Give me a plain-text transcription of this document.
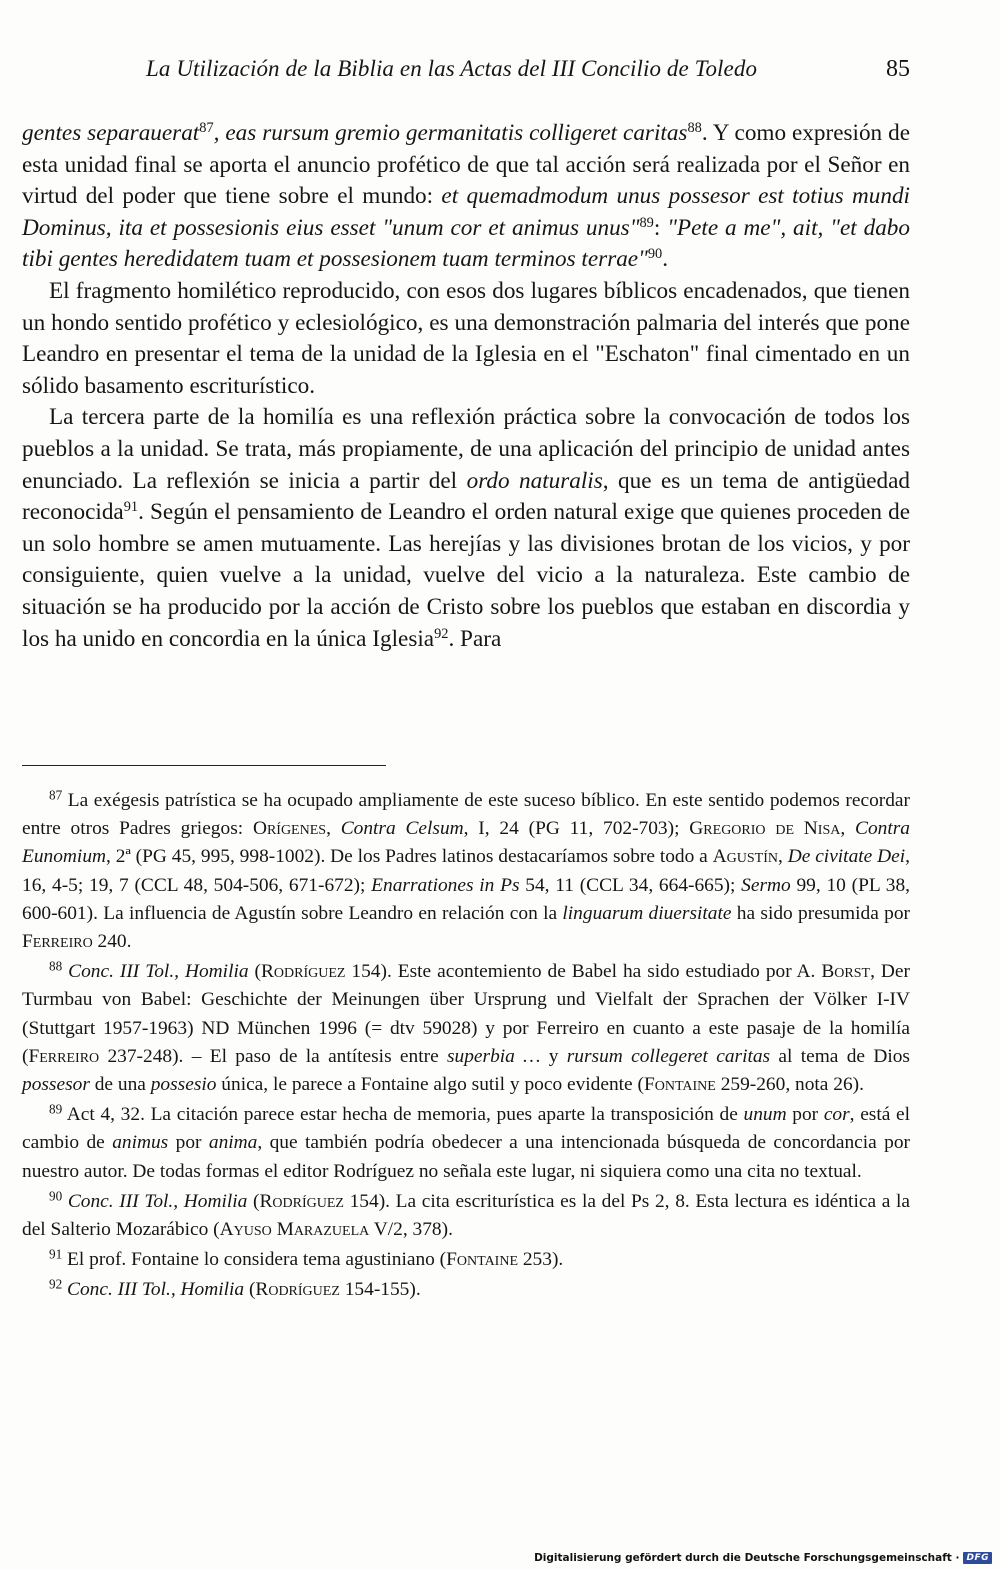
La Utilización de la Biblia en las Actas del III Concilio de Toledo	85

gentes separauerat$^{87}$, eas rursum gremio germanitatis colligeret caritas$^{88}$. Y como expresión de esta unidad final se aporta el anuncio profético de que tal acción será realizada por el Señor en virtud del poder que tiene sobre el mundo: et quemadmodum unus possesor est totius mundi Dominus, ita et possesionis eius esset "unum cor et animus unus"$^{89}$: "Pete a me", ait, "et dabo tibi gentes heredidatem tuam et possesionem tuam terminos terrae"$^{90}$.

El fragmento homilético reproducido, con esos dos lugares bíblicos encadenados, que tienen un hondo sentido profético y eclesiológico, es una demonstración palmaria del interés que pone Leandro en presentar el tema de la unidad de la Iglesia en el "Eschaton" final cimentado en un sólido basamento escriturístico.

La tercera parte de la homilía es una reflexión práctica sobre la convocación de todos los pueblos a la unidad. Se trata, más propiamente, de una aplicación del principio de unidad antes enunciado. La reflexión se inicia a partir del ordo naturalis, que es un tema de antigüedad reconocida$^{91}$. Según el pensamiento de Leandro el orden natural exige que quienes proceden de un solo hombre se amen mutuamente. Las herejías y las divisiones brotan de los vicios, y por consiguiente, quien vuelve a la unidad, vuelve del vicio a la naturaleza. Este cambio de situación se ha producido por la acción de Cristo sobre los pueblos que estaban en discordia y los ha unido en concordia en la única Iglesia$^{92}$. Para

$^{87}$ La exégesis patrística se ha ocupado ampliamente de este suceso bíblico. En este sentido podemos recordar entre otros Padres griegos: Orígenes, Contra Celsum, I, 24 (PG 11, 702-703); Gregorio de Nisa, Contra Eunomium, 2ª (PG 45, 995, 998-1002). De los Padres latinos destacaríamos sobre todo a Agustín, De civitate Dei, 16, 4-5; 19, 7 (CCL 48, 504-506, 671-672); Enarrationes in Ps 54, 11 (CCL 34, 664-665); Sermo 99, 10 (PL 38, 600-601). La influencia de Agustín sobre Leandro en relación con la linguarum diuersitate ha sido presumida por Ferreiro 240.

$^{88}$ Conc. III Tol., Homilia (Rodríguez 154). Este acontemiento de Babel ha sido estudiado por A. Borst, Der Turmbau von Babel: Geschichte der Meinungen über Ursprung und Vielfalt der Sprachen der Völker I-IV (Stuttgart 1957-1963) ND München 1996 (= dtv 59028) y por Ferreiro en cuanto a este pasaje de la homilía (Ferreiro 237-248). – El paso de la antítesis entre superbia … y rursum collegeret caritas al tema de Dios possesor de una possesio única, le parece a Fontaine algo sutil y poco evidente (Fontaine 259-260, nota 26).

$^{89}$ Act 4, 32. La citación parece estar hecha de memoria, pues aparte la transposición de unum por cor, está el cambio de animus por anima, que también podría obedecer a una intencionada búsqueda de concordancia por nuestro autor. De todas formas el editor Rodríguez no señala este lugar, ni siquiera como una cita no textual.

$^{90}$ Conc. III Tol., Homilia (Rodríguez 154). La cita escriturística es la del Ps 2, 8. Esta lectura es idéntica a la del Salterio Mozarábico (Ayuso Marazuela V/2, 378).

$^{91}$ El prof. Fontaine lo considera tema agustiniano (Fontaine 253).

$^{92}$ Conc. III Tol., Homilia (Rodríguez 154-155).

Digitalisierung gefördert durch die Deutsche Forschungsgemeinschaft · DFG
